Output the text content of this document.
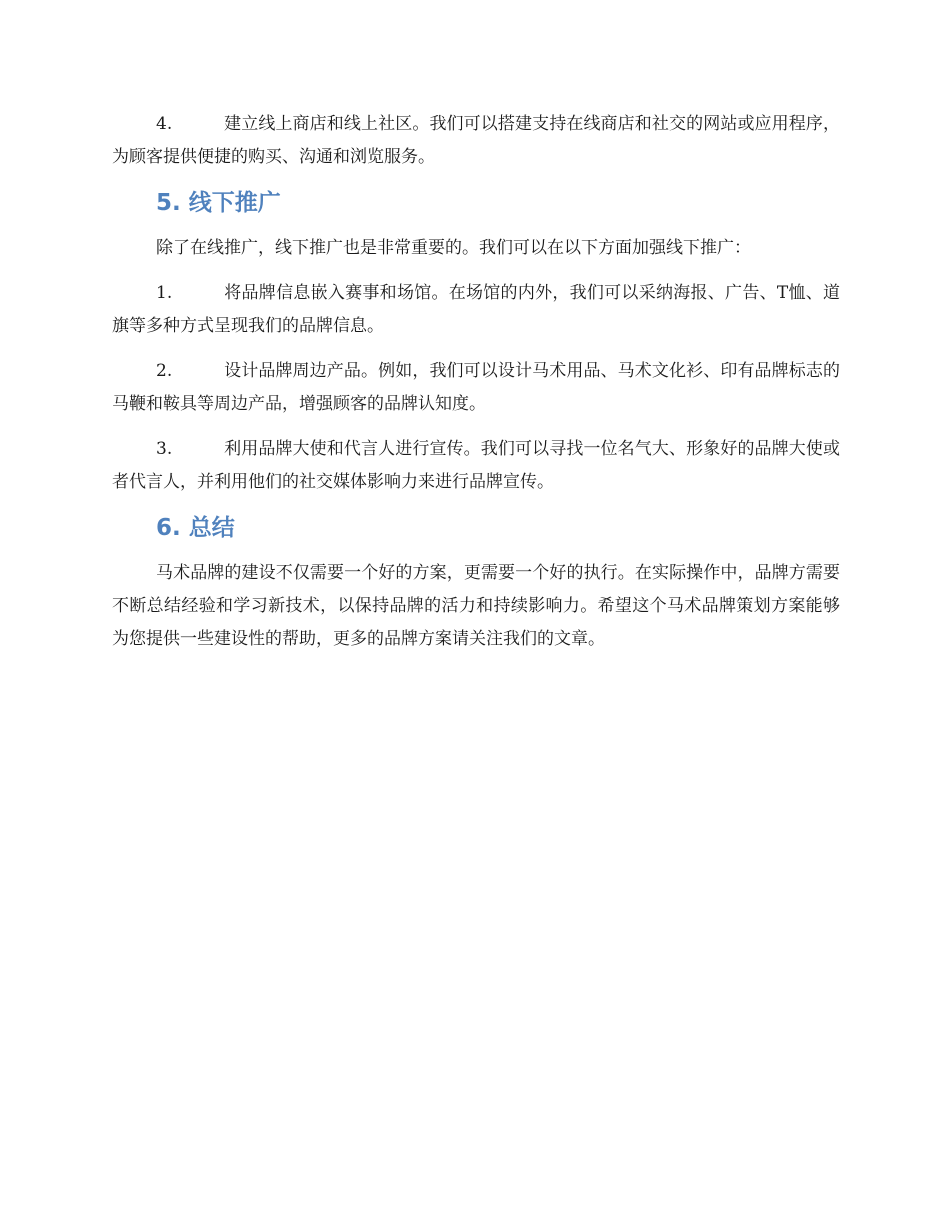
4.	建立线上商店和线上社区。我们可以搭建支持在线商店和社交的网站或应用程序，为顾客提供便捷的购买、沟通和浏览服务。

5. 线下推广

除了在线推广，线下推广也是非常重要的。我们可以在以下方面加强线下推广：

1.	将品牌信息嵌入赛事和场馆。在场馆的内外，我们可以采纳海报、广告、T恤、道旗等多种方式呈现我们的品牌信息。

2.	设计品牌周边产品。例如，我们可以设计马术用品、马术文化衫、印有品牌标志的马鞭和鞍具等周边产品，增强顾客的品牌认知度。

3.	利用品牌大使和代言人进行宣传。我们可以寻找一位名气大、形象好的品牌大使或者代言人，并利用他们的社交媒体影响力来进行品牌宣传。

6. 总结

马术品牌的建设不仅需要一个好的方案，更需要一个好的执行。在实际操作中，品牌方需要不断总结经验和学习新技术，以保持品牌的活力和持续影响力。希望这个马术品牌策划方案能够为您提供一些建设性的帮助，更多的品牌方案请关注我们的文章。
